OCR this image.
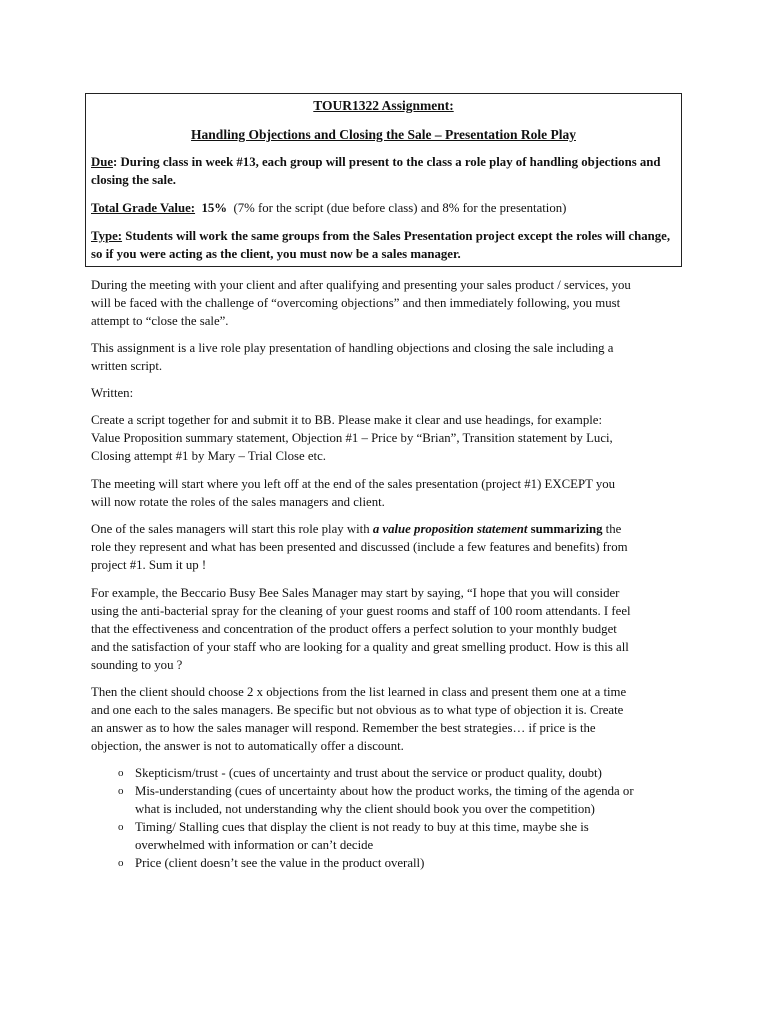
TOUR1322 Assignment:
Handling Objections and Closing the Sale – Presentation Role Play
Due: During class in week #13, each group will present to the class a role play of handling objections and closing the sale.
Total Grade Value: 15% (7% for the script (due before class) and 8% for the presentation)
Type: Students will work the same groups from the Sales Presentation project except the roles will change, so if you were acting as the client, you must now be a sales manager.
During the meeting with your client and after qualifying and presenting your sales product / services, you
will be faced with the challenge of “overcoming objections” and then immediately following, you must
attempt to “close the sale”.
This assignment is a live role play presentation of handling objections and closing the sale including a
written script.
Written:
Create a script together for and submit it to BB. Please make it clear and use headings, for example:
Value Proposition summary statement, Objection #1 – Price by “Brian”, Transition statement by Luci,
Closing attempt #1 by Mary – Trial Close etc.
The meeting will start where you left off at the end of the sales presentation (project #1) EXCEPT you
will now rotate the roles of the sales managers and client.
One of the sales managers will start this role play with a value proposition statement summarizing the
role they represent and what has been presented and discussed (include a few features and benefits) from
project #1. Sum it up !
For example, the Beccario Busy Bee Sales Manager may start by saying, “I hope that you will consider
using the anti-bacterial spray for the cleaning of your guest rooms and staff of 100 room attendants. I feel
that the effectiveness and concentration of the product offers a perfect solution to your monthly budget
and the satisfaction of your staff who are looking for a quality and great smelling product. How is this all
sounding to you ?
Then the client should choose 2 x objections from the list learned in class and present them one at a time
and one each to the sales managers. Be specific but not obvious as to what type of objection it is. Create
an answer as to how the sales manager will respond. Remember the best strategies… if price is the
objection, the answer is not to automatically offer a discount.
o Skepticism/trust - (cues of uncertainty and trust about the service or product quality, doubt)
o Mis-understanding (cues of uncertainty about how the product works, the timing of the agenda or
what is included, not understanding why the client should book you over the competition)
o Timing/ Stalling cues that display the client is not ready to buy at this time, maybe she is
overwhelmed with information or can’t decide
o Price (client doesn’t see the value in the product overall)
